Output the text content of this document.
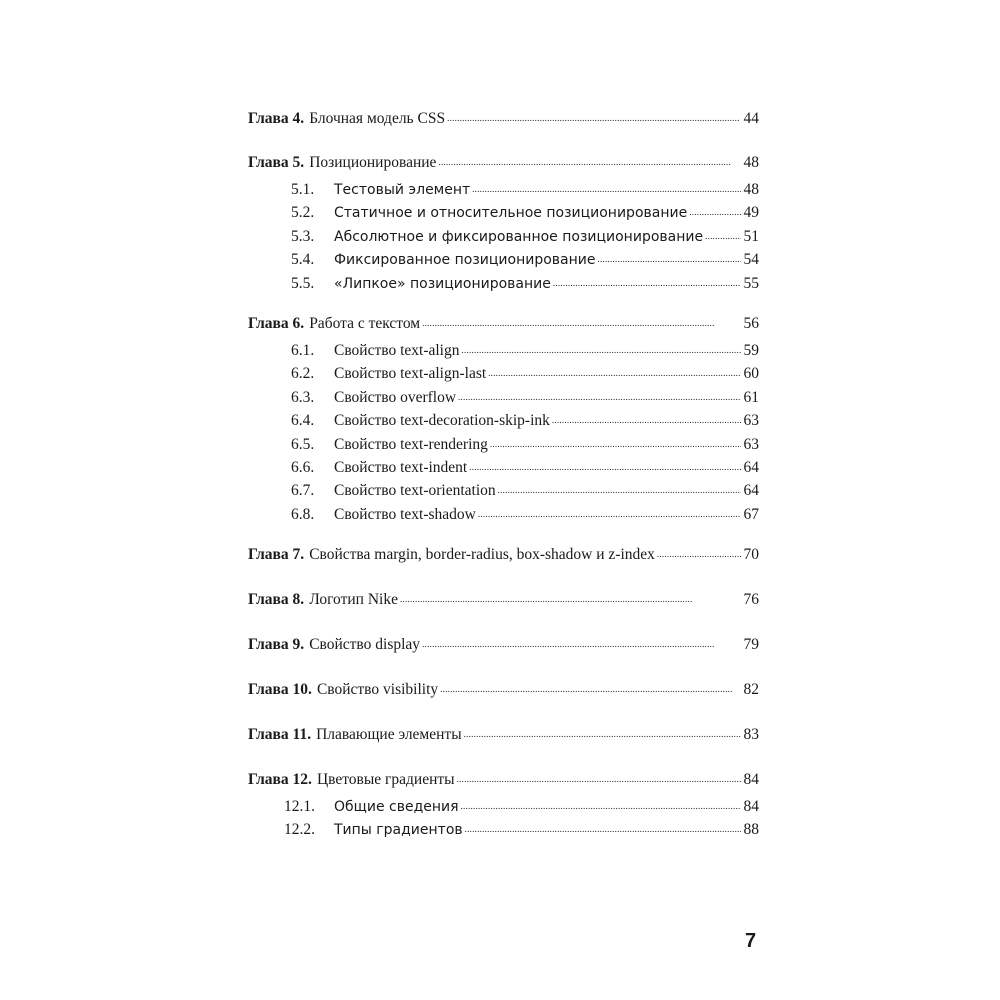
Глава 4. Блочная модель CSS . . .	44
Глава 5. Позиционирование . . .	48
5.1.	Тестовый элемент . . .	48
5.2.	Статичное и относительное позиционирование . . .	49
5.3.	Абсолютное и фиксированное позиционирование . . .	51
5.4.	Фиксированное позиционирование . . .	54
5.5.	«Липкое» позиционирование . . .	55
Глава 6. Работа с текстом . . .	56
6.1.	Свойство text-align . . .	59
6.2.	Свойство text-align-last . . .	60
6.3.	Свойство overflow . . .	61
6.4.	Свойство text-decoration-skip-ink . . .	63
6.5.	Свойство text-rendering . . .	63
6.6.	Свойство text-indent . . .	64
6.7.	Свойство text-orientation . . .	64
6.8.	Свойство text-shadow . . .	67
Глава 7. Свойства margin, border-radius, box-shadow и z-index . . .	70
Глава 8. Логотип Nike . . .	76
Глава 9. Свойство display . . .	79
Глава 10. Свойство visibility . . .	82
Глава 11. Плавающие элементы . . .	83
Глава 12. Цветовые градиенты . . .	84
12.1.	Общие сведения . . .	84
12.2.	Типы градиентов . . .	88
7
